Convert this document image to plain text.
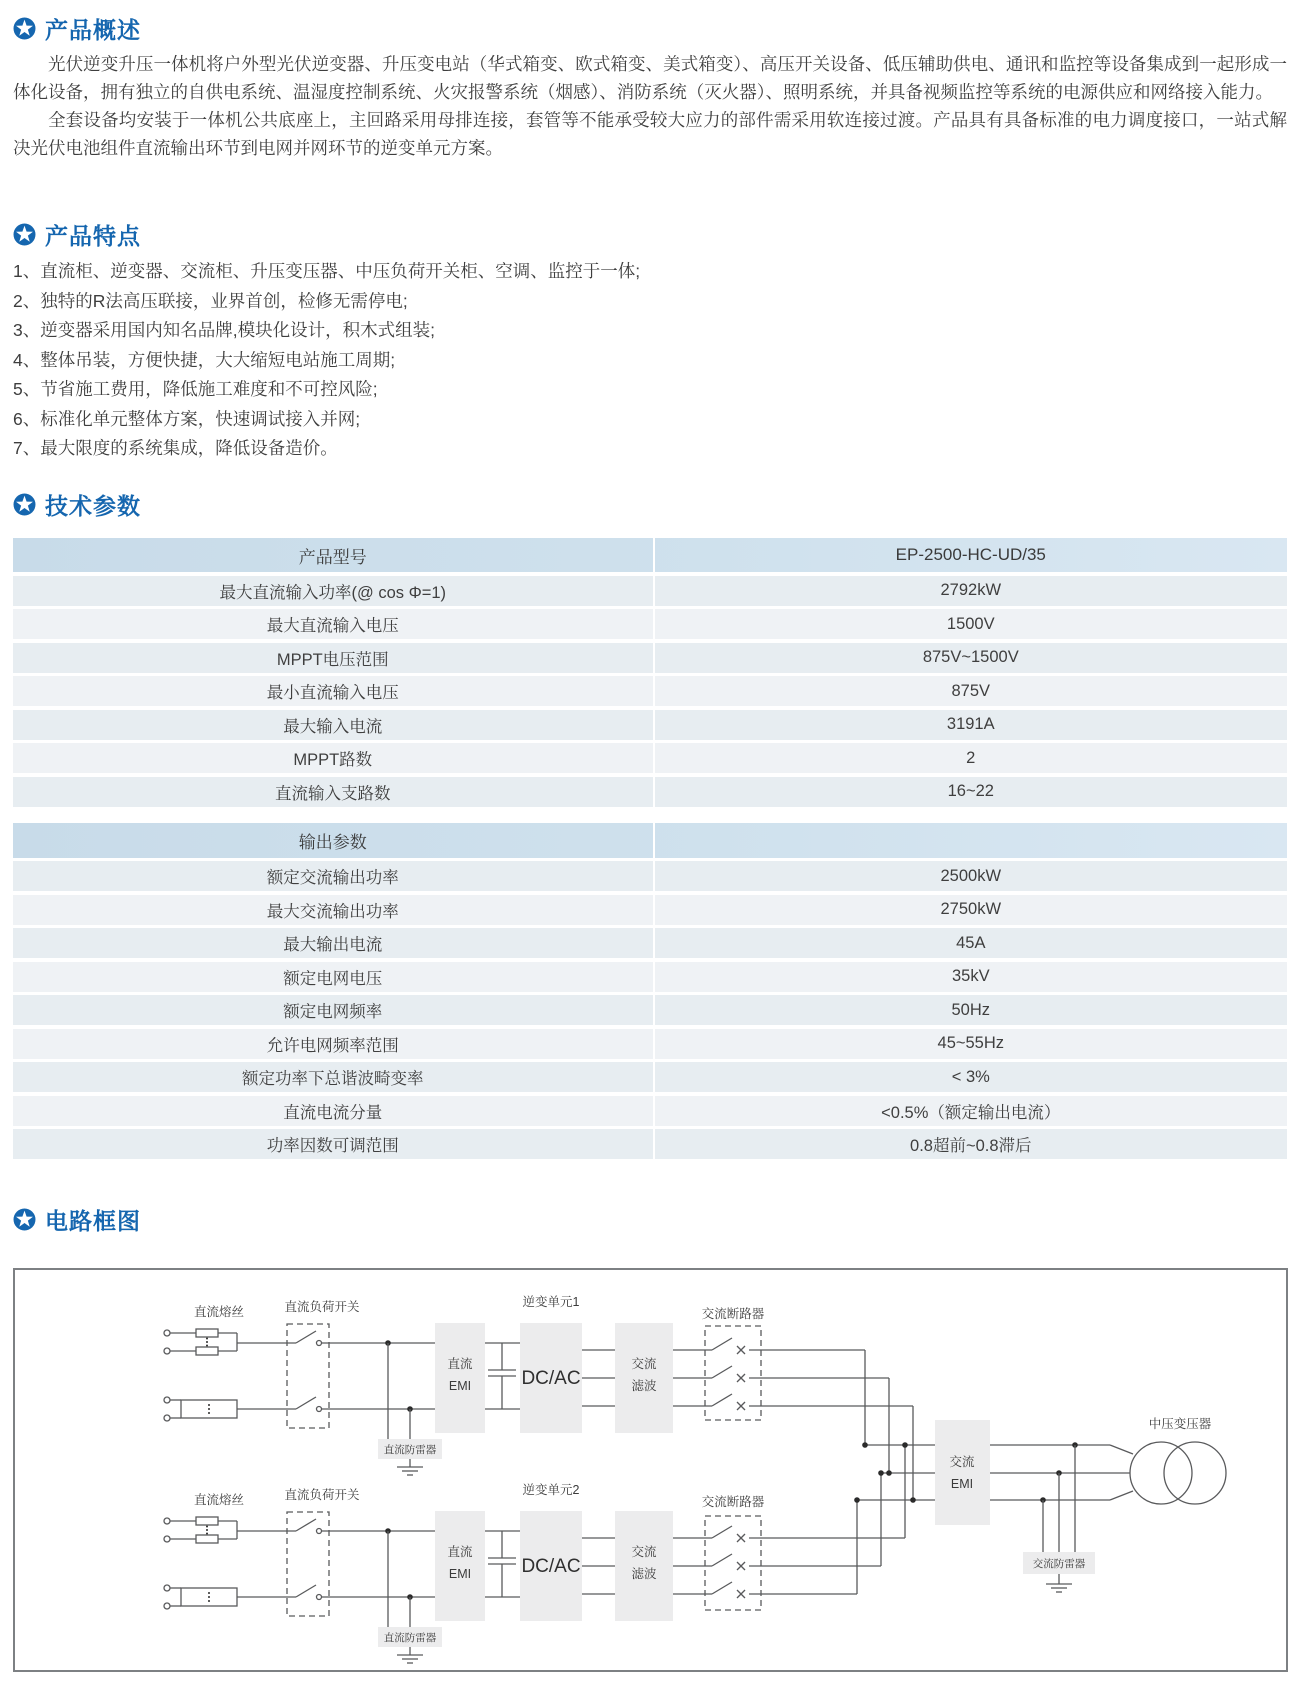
产品概述

光伏逆变升压一体机将户外型光伏逆变器、升压变电站（华式箱变、欧式箱变、美式箱变）、高压开关设备、低压辅助供电、通讯和监控等设备集成到一起形成一体化设备，拥有独立的自供电系统、温湿度控制系统、火灾报警系统（烟感）、消防系统（灭火器）、照明系统，并具备视频监控等系统的电源供应和网络接入能力。

全套设备均安装于一体机公共底座上，主回路采用母排连接，套管等不能承受较大应力的部件需采用软连接过渡。产品具有具备标准的电力调度接口，一站式解决光伏电池组件直流输出环节到电网并网环节的逆变单元方案。

产品特点
1、直流柜、逆变器、交流柜、升压变压器、中压负荷开关柜、空调、监控于一体;
2、独特的R法高压联接，业界首创，检修无需停电;
3、逆变器采用国内知名品牌,模块化设计，积木式组装;
4、整体吊装，方便快捷，大大缩短电站施工周期;
5、节省施工费用，降低施工难度和不可控风险;
6、标准化单元整体方案，快速调试接入并网;
7、最大限度的系统集成，降低设备造价。
技术参数
产品型号	EP-2500-HC-UD/35
最大直流输入功率(@ cos Φ=1)	2792kW
最大直流输入电压	1500V
MPPT电压范围	875V~1500V
最小直流输入电压	875V
最大输入电流	3191A
MPPT路数	2
直流输入支路数	16~22
输出参数
额定交流输出功率	2500kW
最大交流输出功率	2750kW
最大输出电流	45A
额定电网电压	35kV
额定电网频率	50Hz
允许电网频率范围	45~55Hz
额定功率下总谐波畸变率	< 3%
直流电流分量	<0.5%（额定输出电流）
功率因数可调范围	0.8超前~0.8滞后
电路框图
直流防雷器
直流
EMI	DC/AC
交流
滤波
直流熔丝	直流负荷开关	逆变单元1
交流断路器
直流防雷器
直流
EMI	DC/AC
交流
滤波
直流熔丝	直流负荷开关	逆变单元2
交流断路器
交流
EMI
交流防雷器
中压变压器
